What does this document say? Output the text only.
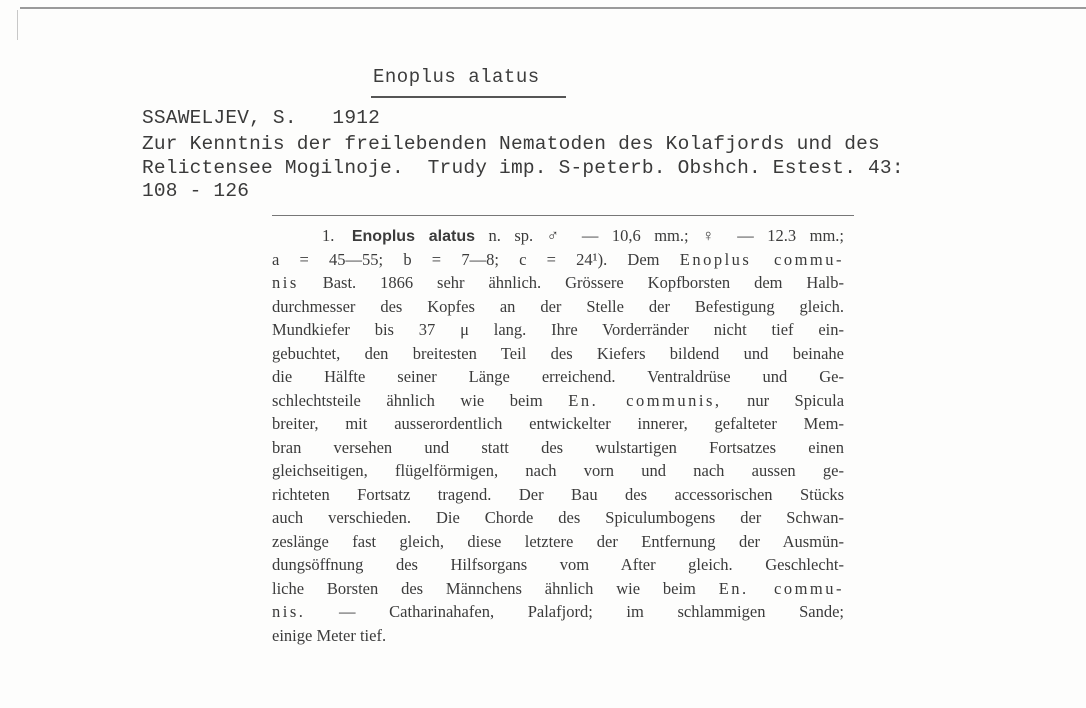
Enoplus alatus
SSAWELJEV, S.   1912
Zur Kenntnis der freilebenden Nematoden des Kolafjords und des
Relictensee Mogilnoje.  Trudy imp. S-peterb. Obshch. Estest. 43:
108 - 126
1. Enoplus alatus n. sp. ♂ — 10,6 mm.; ♀ — 12.3 mm.;
a = 45—55; b = 7—8; c = 24¹). Dem Enoplus commu-
nis Bast. 1866 sehr ähnlich. Grössere Kopfborsten dem Halb-
durchmesser des Kopfes an der Stelle der Befestigung gleich.
Mundkiefer bis 37 μ lang. Ihre Vorderränder nicht tief ein-
gebuchtet, den breitesten Teil des Kiefers bildend und beinahe
die Hälfte seiner Länge erreichend. Ventraldrüse und Ge-
schlechtsteile ähnlich wie beim En. communis, nur Spicula
breiter, mit ausserordentlich entwickelter innerer, gefalteter Mem-
bran versehen und statt des wulstartigen Fortsatzes einen
gleichseitigen, flügelförmigen, nach vorn und nach aussen ge-
richteten Fortsatz tragend. Der Bau des accessorischen Stücks
auch verschieden. Die Chorde des Spiculumbogens der Schwan-
zeslänge fast gleich, diese letztere der Entfernung der Ausmün-
dungsöffnung des Hilfsorgans vom After gleich. Geschlecht-
liche Borsten des Männchens ähnlich wie beim En. commu-
nis. — Catharinahafen, Palafjord; im schlammigen Sande;
einige Meter tief.
